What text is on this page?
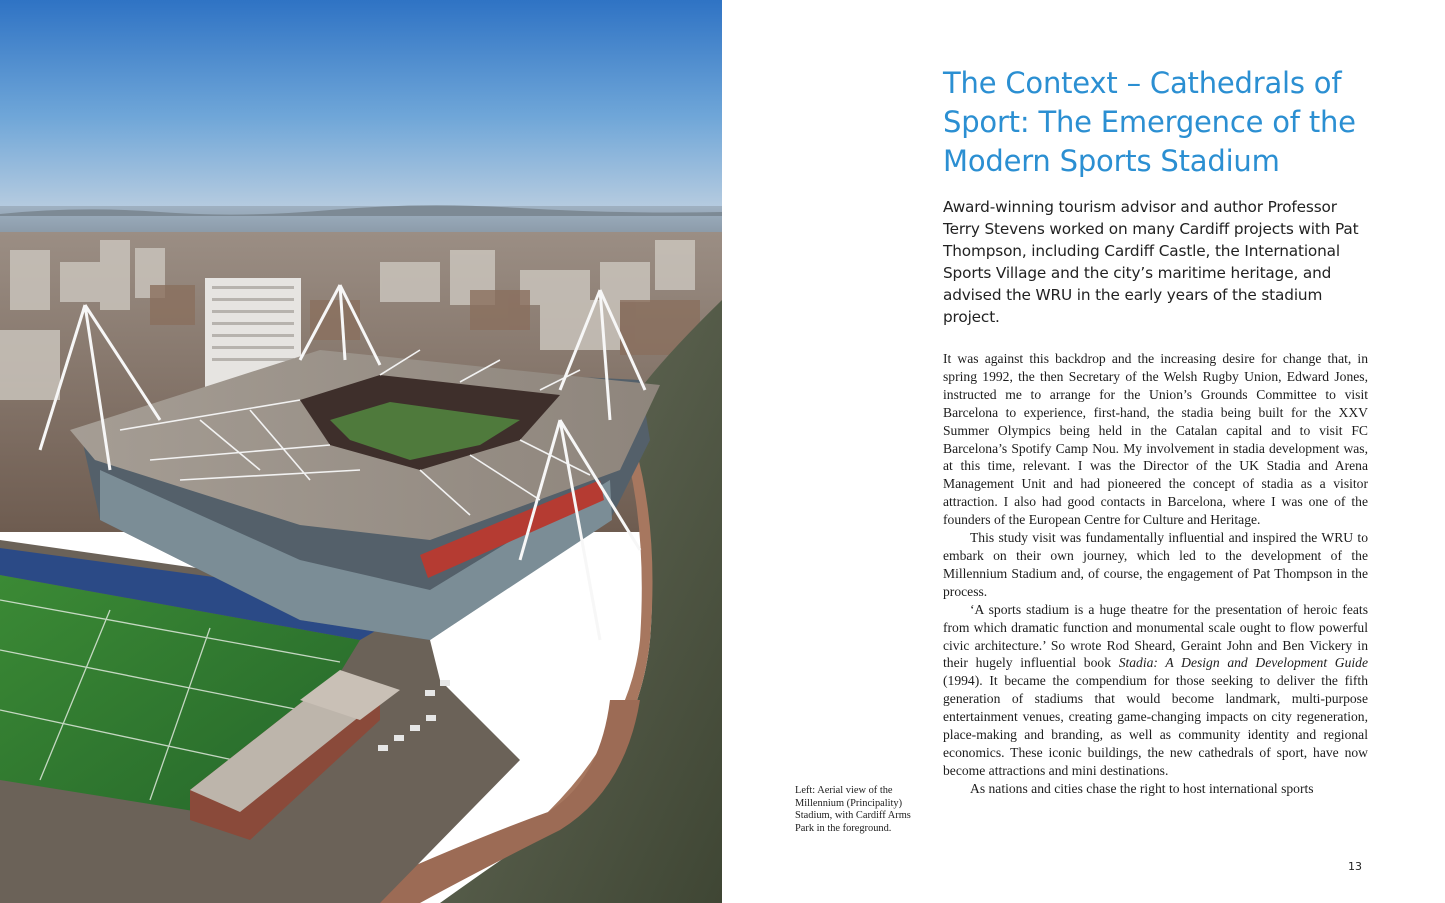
The Context – Cathedrals of Sport: The Emergence of the Modern Sports Stadium

Award-winning tourism advisor and author Professor Terry Stevens worked on many Cardiff projects with Pat Thompson, including Cardiff Castle, the International Sports Village and the city’s maritime heritage, and advised the WRU in the early years of the stadium project.

It was against this backdrop and the increasing desire for change that, in spring 1992, the then Secretary of the Welsh Rugby Union, Edward Jones, instructed me to arrange for the Union’s Grounds Committee to visit Barcelona to experience, first-hand, the stadia being built for the XXV Summer Olympics being held in the Catalan capital and to visit FC Barcelona’s Spotify Camp Nou. My involvement in stadia development was, at this time, relevant. I was the Director of the UK Stadia and Arena Management Unit and had pioneered the concept of stadia as a visitor attraction. I also had good contacts in Barcelona, where I was one of the founders of the European Centre for Culture and Heritage.

This study visit was fundamentally influential and inspired the WRU to embark on their own journey, which led to the development of the Millennium Stadium and, of course, the engagement of Pat Thompson in the process.

‘A sports stadium is a huge theatre for the presentation of heroic feats from which dramatic function and monumental scale ought to flow powerful civic architecture.’ So wrote Rod Sheard, Geraint John and Ben Vickery in their hugely influential book Stadia: A Design and Development Guide (1994). It became the compendium for those seeking to deliver the fifth generation of stadiums that would become landmark, multi-purpose entertainment venues, creating game-changing impacts on city regeneration, place-making and branding, as well as community identity and regional economics. These iconic buildings, the new cathedrals of sport, have now become attractions and mini destinations.

As nations and cities chase the right to host international sports

Left: Aerial view of the Millennium (Principality) Stadium, with Cardiff Arms Park in the foreground.

13
